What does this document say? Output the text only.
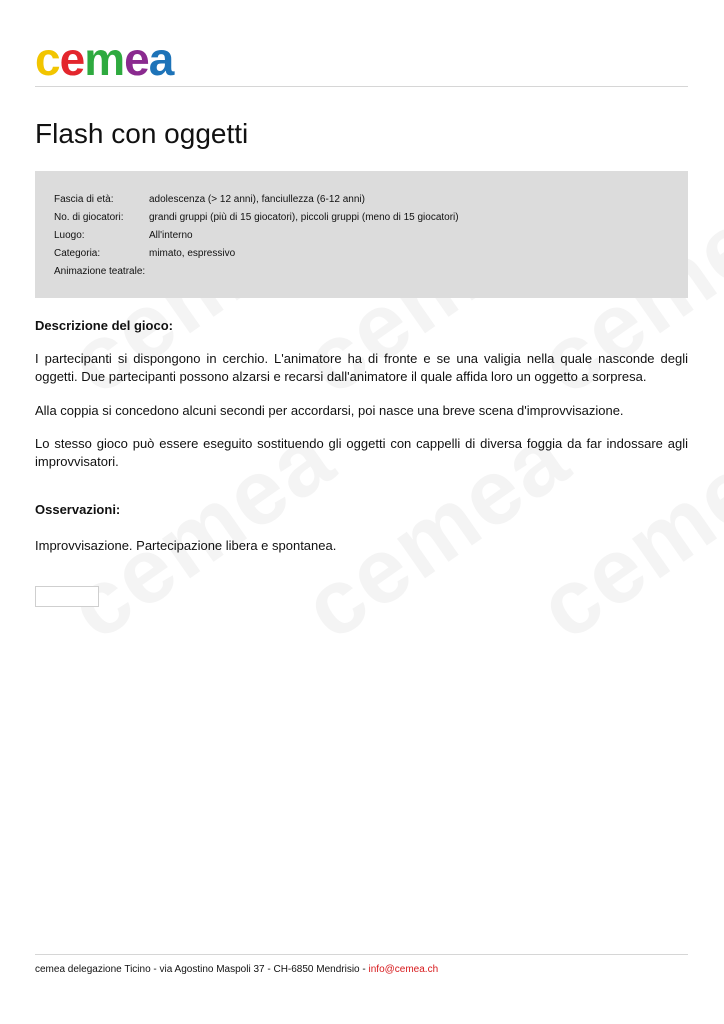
cemea
Flash con oggetti
Fascia di età:	adolescenza (> 12 anni), fanciullezza (6-12 anni)
No. di giocatori:	grandi gruppi (più di 15 giocatori), piccoli gruppi (meno di 15 giocatori)
Luogo:	All'interno
Categoria:	mimato, espressivo
Animazione teatrale:
Descrizione del gioco:

I partecipanti si dispongono in cerchio. L'animatore ha di fronte e se una valigia nella quale nasconde degli oggetti. Due partecipanti possono alzarsi e recarsi dall'animatore il quale affida loro un oggetto a sorpresa.

Alla coppia si concedono alcuni secondi per accordarsi, poi nasce una breve scena d'improvvisazione.

Lo stesso gioco può essere eseguito sostituendo gli oggetti con cappelli di diversa foggia da far indossare agli improvvisatori.

Osservazioni:

Improvvisazione. Partecipazione libera e spontanea.

cemea delegazione Ticino - via Agostino Maspoli 37 - CH-6850 Mendrisio - info@cemea.ch
